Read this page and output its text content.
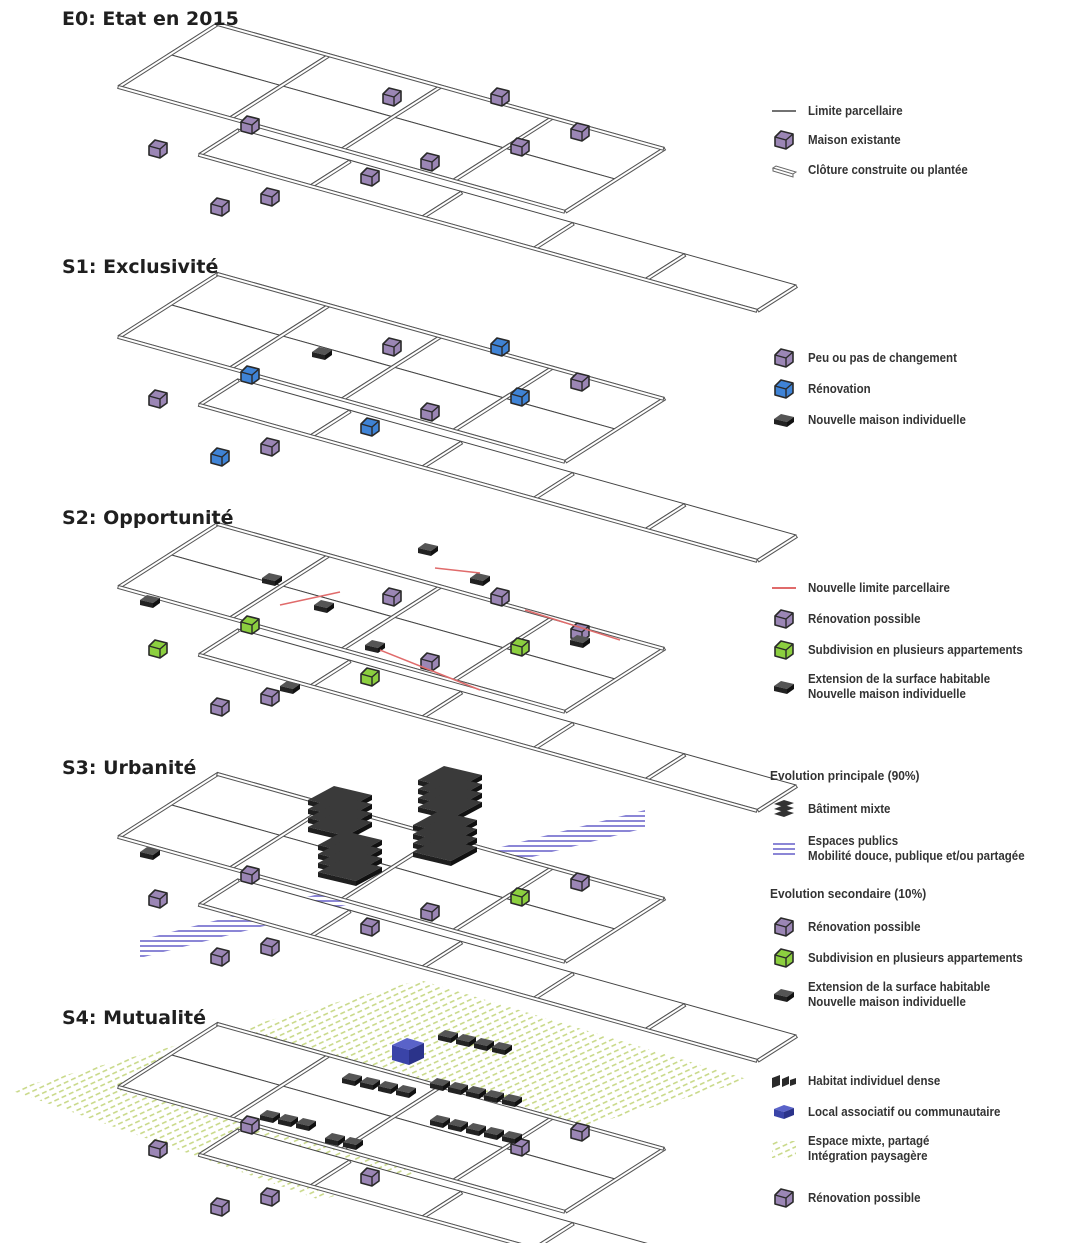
E0: Etat en 2015
S1: Exclusivité
S2: Opportunité
S3: Urbanité
S4: Mutualité
Limite parcellaire
Maison existante
Clôture construite ou plantée
Peu ou pas de changement
Rénovation
Nouvelle maison individuelle
Nouvelle limite parcellaire
Rénovation possible
Subdivision en plusieurs appartements
Extension de la surface habitable
Nouvelle maison individuelle
Evolution principale (90%)
Bâtiment mixte
Espaces publics
Mobilité douce, publique et/ou partagée
Evolution secondaire (10%)
Rénovation possible
Subdivision en plusieurs appartements
Extension de la surface habitable
Nouvelle maison individuelle
Habitat individuel dense
Local associatif ou communautaire
Espace mixte, partagé
Intégration paysagère
Rénovation possible
